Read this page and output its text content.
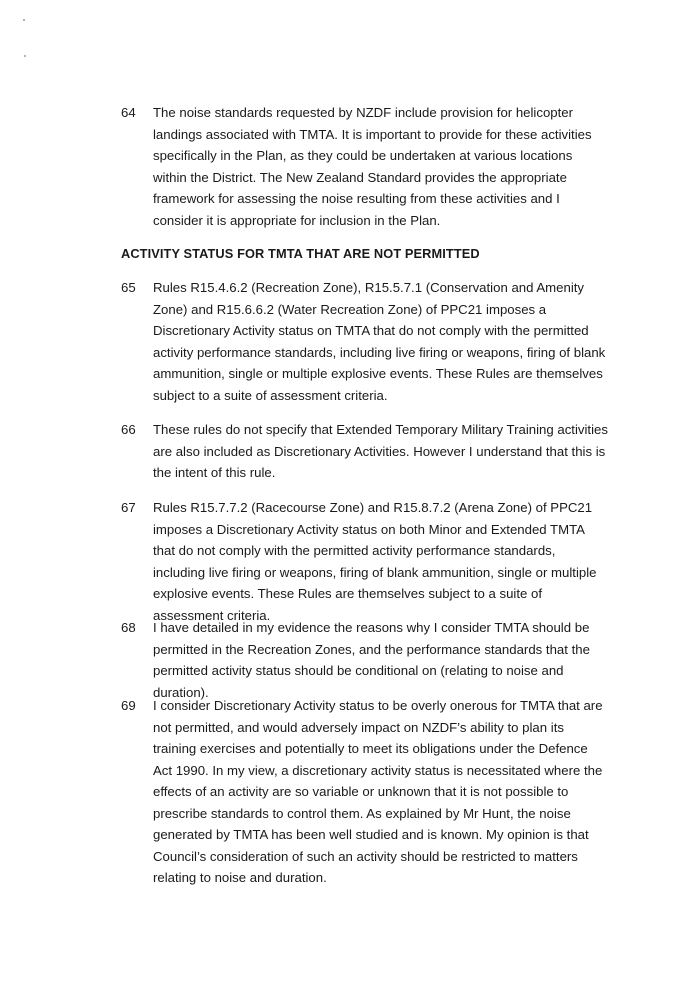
64 The noise standards requested by NZDF include provision for helicopter landings associated with TMTA. It is important to provide for these activities specifically in the Plan, as they could be undertaken at various locations within the District. The New Zealand Standard provides the appropriate framework for assessing the noise resulting from these activities and I consider it is appropriate for inclusion in the Plan.
ACTIVITY STATUS FOR TMTA THAT ARE NOT PERMITTED
65 Rules R15.4.6.2 (Recreation Zone), R15.5.7.1 (Conservation and Amenity Zone) and R15.6.6.2 (Water Recreation Zone) of PPC21 imposes a Discretionary Activity status on TMTA that do not comply with the permitted activity performance standards, including live firing or weapons, firing of blank ammunition, single or multiple explosive events. These Rules are themselves subject to a suite of assessment criteria.
66 These rules do not specify that Extended Temporary Military Training activities are also included as Discretionary Activities. However I understand that this is the intent of this rule.
67 Rules R15.7.7.2 (Racecourse Zone) and R15.8.7.2 (Arena Zone) of PPC21 imposes a Discretionary Activity status on both Minor and Extended TMTA that do not comply with the permitted activity performance standards, including live firing or weapons, firing of blank ammunition, single or multiple explosive events. These Rules are themselves subject to a suite of assessment criteria.
68 I have detailed in my evidence the reasons why I consider TMTA should be permitted in the Recreation Zones, and the performance standards that the permitted activity status should be conditional on (relating to noise and duration).
69 I consider Discretionary Activity status to be overly onerous for TMTA that are not permitted, and would adversely impact on NZDF’s ability to plan its training exercises and potentially to meet its obligations under the Defence Act 1990. In my view, a discretionary activity status is necessitated where the effects of an activity are so variable or unknown that it is not possible to prescribe standards to control them. As explained by Mr Hunt, the noise generated by TMTA has been well studied and is known. My opinion is that Council’s consideration of such an activity should be restricted to matters relating to noise and duration.
